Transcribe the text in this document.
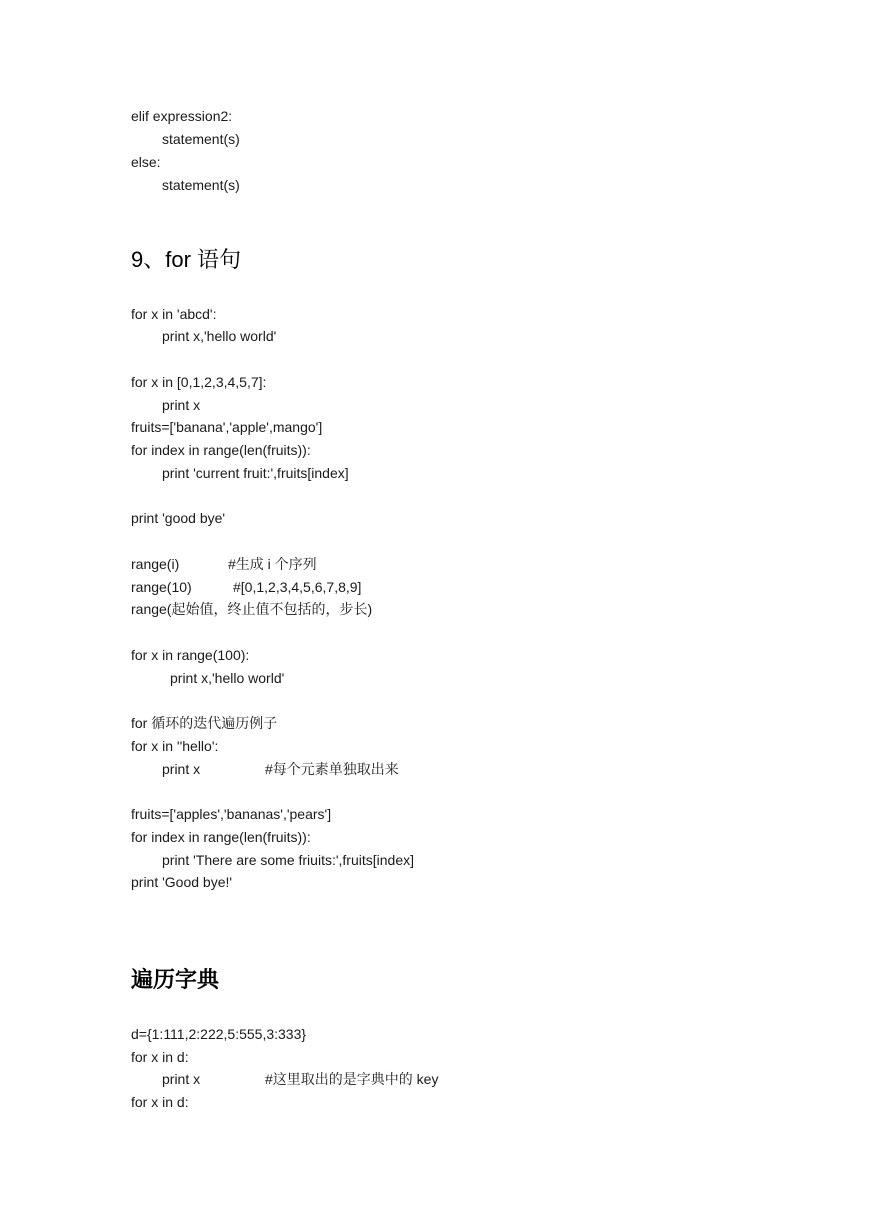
elif expression2:
statement(s)
else:
statement(s)
9、for 语句
for x in 'abcd':
print x,'hello world'
for x in [0,1,2,3,4,5,7]:
print x
fruits=['banana','apple',mango']
for index in range(len(fruits)):
print 'current fruit:',fruits[index]
print 'good bye'
range(i)	#生成 i 个序列
range(10)	#[0,1,2,3,4,5,6,7,8,9]
range(起始值，终止值不包括的，步长)
for x in range(100):
print x,'hello world'
for 循环的迭代遍历例子
for x in ''hello':
print x	#每个元素单独取出来
fruits=['apples','bananas','pears']
for index in range(len(fruits)):
print 'There are some friuits:',fruits[index]
print 'Good bye!'
遍历字典
d={1:111,2:222,5:555,3:333}
for x in d:
print x	#这里取出的是字典中的 key
for x in d:
